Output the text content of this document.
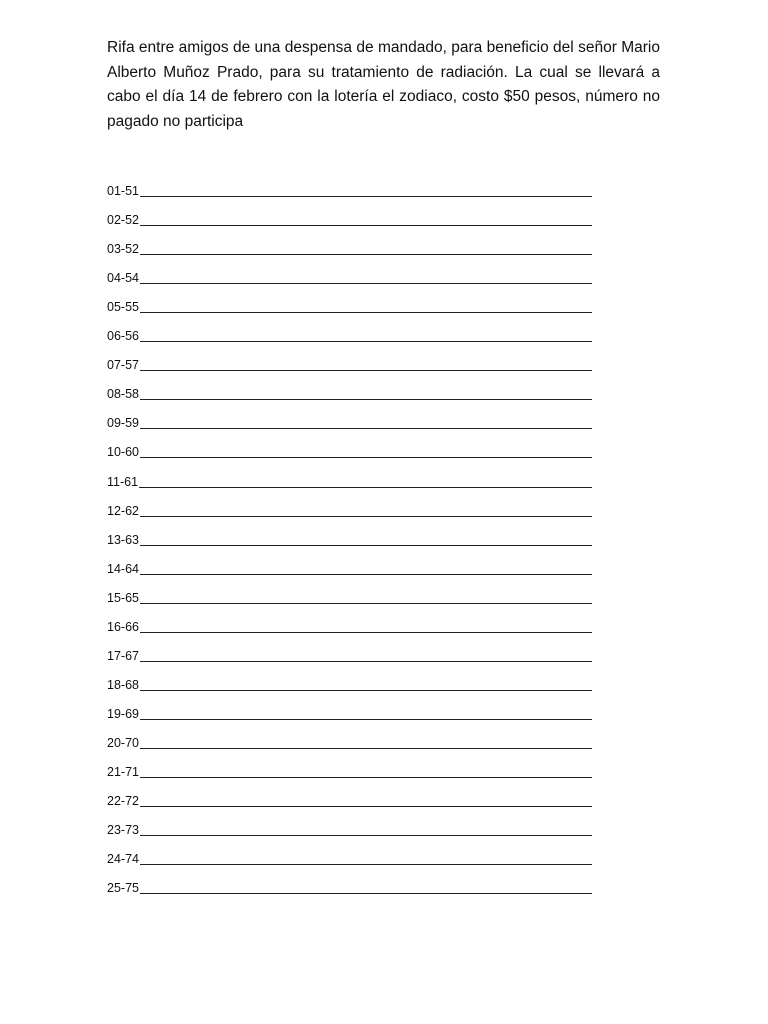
Rifa entre amigos de una despensa de mandado, para beneficio del señor Mario Alberto Muñoz Prado, para su tratamiento de radiación. La cual se llevará a cabo el día 14 de febrero con la lotería el zodiaco, costo $50 pesos, número no pagado no participa

01-51
02-52
03-52
04-54
05-55
06-56
07-57
08-58
09-59
10-60
11-61
12-62
13-63
14-64
15-65
16-66
17-67
18-68
19-69
20-70
21-71
22-72
23-73
24-74
25-75
